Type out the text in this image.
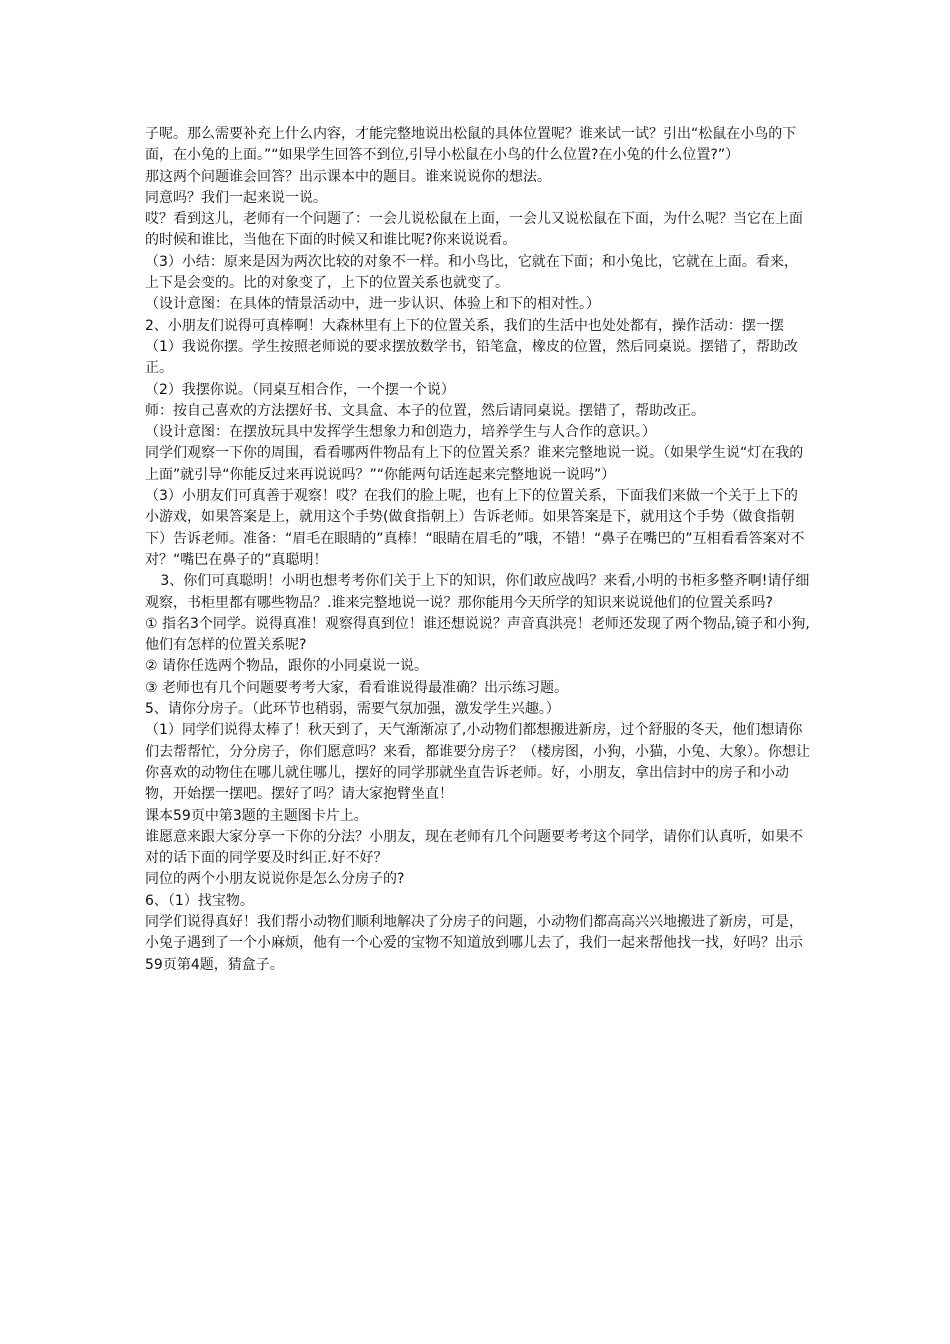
子呢。那么需要补充上什么内容，才能完整地说出松鼠的具体位置呢？谁来试一试？引出“松鼠在小鸟的下面，在小兔的上面。”“如果学生回答不到位,引导小松鼠在小鸟的什么位置?在小兔的什么位置?”）

那这两个问题谁会回答？出示课本中的题目。谁来说说你的想法。

同意吗？我们一起来说一说。

哎？看到这儿，老师有一个问题了：一会儿说松鼠在上面，一会儿又说松鼠在下面，为什么呢？当它在上面的时候和谁比，当他在下面的时候又和谁比呢?你来说说看。

（3）小结：原来是因为两次比较的对象不一样。和小鸟比，它就在下面；和小兔比，它就在上面。看来，上下是会变的。比的对象变了，上下的位置关系也就变了。

（设计意图：在具体的情景活动中，进一步认识、体验上和下的相对性。）

2、小朋友们说得可真棒啊！大森林里有上下的位置关系，我们的生活中也处处都有，操作活动：摆一摆

（1）我说你摆。学生按照老师说的要求摆放数学书，铅笔盒，橡皮的位置，然后同桌说。摆错了，帮助改正。

（2）我摆你说。（同桌互相合作，一个摆一个说）

师：按自己喜欢的方法摆好书、文具盒、本子的位置，然后请同桌说。摆错了，帮助改正。

（设计意图：在摆放玩具中发挥学生想象力和创造力，培养学生与人合作的意识。）

同学们观察一下你的周围，看看哪两件物品有上下的位置关系？谁来完整地说一说。（如果学生说“灯在我的上面”就引导“你能反过来再说说吗？”“你能两句话连起来完整地说一说吗”）

（3）小朋友们可真善于观察！哎？在我们的脸上呢，也有上下的位置关系，下面我们来做一个关于上下的小游戏，如果答案是上，就用这个手势(做食指朝上）告诉老师。如果答案是下，就用这个手势（做食指朝下）告诉老师。准备：“眉毛在眼睛的”真棒！“眼睛在眉毛的”哦，不错！“鼻子在嘴巴的”互相看看答案对不对？“嘴巴在鼻子的”真聪明！

3、你们可真聪明！小明也想考考你们关于上下的知识，你们敢应战吗？来看,小明的书柜多整齐啊!请仔细观察，书柜里都有哪些物品？.谁来完整地说一说？那你能用今天所学的知识来说说他们的位置关系吗?

① 指名3个同学。说得真准！观察得真到位！谁还想说说？声音真洪亮！老师还发现了两个物品,镜子和小狗,他们有怎样的位置关系呢?

② 请你任选两个物品，跟你的小同桌说一说。

③ 老师也有几个问题要考考大家，看看谁说得最准确？出示练习题。

5、请你分房子。（此环节也稍弱，需要气氛加强，激发学生兴趣。）

（1）同学们说得太棒了！秋天到了，天气渐渐凉了,小动物们都想搬进新房，过个舒服的冬天，他们想请你们去帮帮忙，分分房子，你们愿意吗？来看，都谁要分房子？（楼房图，小狗，小猫，小兔、大象）。你想让你喜欢的动物住在哪儿就住哪儿，摆好的同学那就坐直告诉老师。好，小朋友，拿出信封中的房子和小动物，开始摆一摆吧。摆好了吗？请大家抱臂坐直！

课本59页中第3题的主题图卡片上。

谁愿意来跟大家分享一下你的分法？小朋友，现在老师有几个问题要考考这个同学，请你们认真听，如果不对的话下面的同学要及时纠正.好不好？

同位的两个小朋友说说你是怎么分房子的?

6、（1）找宝物。

同学们说得真好！我们帮小动物们顺利地解决了分房子的问题，小动物们都高高兴兴地搬进了新房，可是，小兔子遇到了一个小麻烦，他有一个心爱的宝物不知道放到哪儿去了，我们一起来帮他找一找，好吗？出示59页第4题，猜盒子。
